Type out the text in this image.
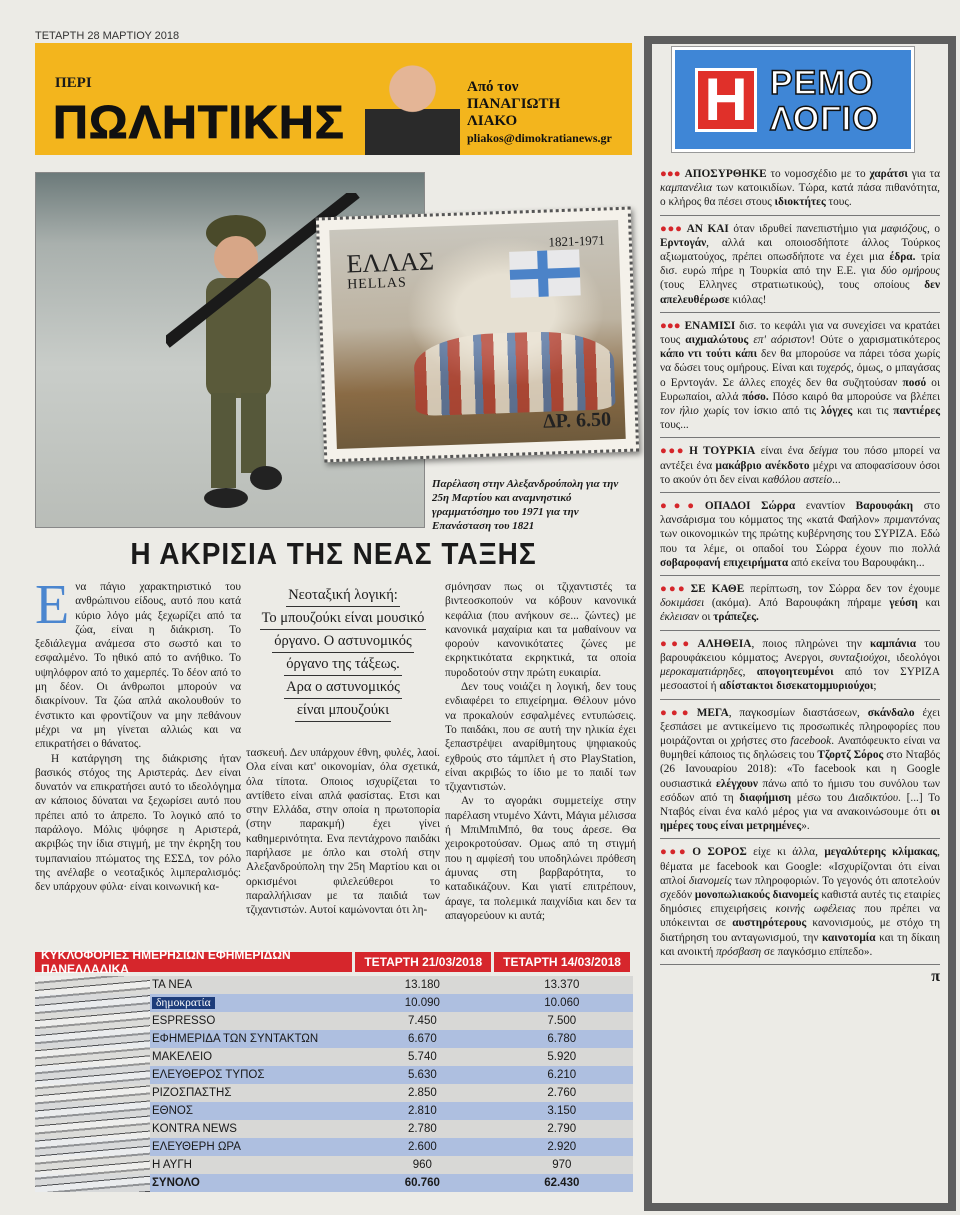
ΤΕΤΑΡΤΗ 28 ΜΑΡΤΙΟΥ 2018
ΠΕΡΙ
ΠΩΛΗΤΙΚΗΣ
Από τον
ΠΑΝΑΓΙΩΤΗ
ΛΙΑΚΟ
pliakos@dimokratianews.gr
ΕΛΛΑΣ
HELLAS
1821-1971
ΔΡ. 6.50
Παρέλαση στην Αλεξανδρούπολη για την 25η Μαρτίου και αναμνηστικό γραμματόσημο του 1971 για την Επανάσταση του 1821
Η ΑΚΡΙΣΙΑ ΤΗΣ ΝΕΑΣ ΤΑΞΗΣ

Ενα πάγιο χαρακτηριστικό του ανθρώπινου είδους, αυτό που κατά κύριο λόγο μάς ξεχωρίζει από τα ζώα, είναι η διάκριση. Το ξεδιάλεγμα ανάμεσα στο σωστό και το εσφαλμένο. Το ηθικό από το ανήθικο. Το υψηλόφρον από το χαμερπές. Το δέον από το μη δέον. Οι άνθρωποι μπορούν να διακρίνουν. Τα ζώα απλά ακολουθούν το ένστικτο και φροντίζουν να μην πεθάνουν μέχρι να μη γίνεται αλλιώς και να επικρατήσει ο θάνατος.

Η κατάργηση της διάκρισης ήταν βασικός στόχος της Αριστεράς. Δεν είναι δυνατόν να επικρατήσει αυτό το ιδεολόγημα αν κάποιος δύναται να ξεχωρίσει αυτό που πρέπει από το άπρεπο. Το λογικό από το παράλογο. Μόλις ψόφησε η Αριστερά, ακριβώς την ίδια στιγμή, με την έκρηξη του τυμπανιαίου πτώματος της ΕΣΣΔ, τον ρόλο της ανέλαβε ο νεοταξικός λιμπεραλισμός: δεν υπάρχουν φύλα· είναι κοινωνική κα-

Νεοταξική λογική:
Το μπουζούκι είναι μουσικό
όργανο. Ο αστυνομικός
όργανο της τάξεως.
Αρα ο αστυνομικός
είναι μπουζούκι

τασκευή. Δεν υπάρχουν έθνη, φυλές, λαοί. Ολα είναι κατ' οικονομίαν, όλα σχετικά, όλα τίποτα. Οποιος ισχυρίζεται το αντίθετο είναι απλά φασίστας. Ετσι και στην Ελλάδα, στην οποία η πρωτοπορία (στην παρακμή) έχει γίνει καθημερινότητα. Ενα πεντάχρονο παιδάκι παρήλασε με όπλο και στολή στην Αλεξανδρούπολη την 25η Μαρτίου και οι ορκισμένοι φιλελεύθεροι το παραλλήλισαν με τα παιδιά των τζιχαντιστών. Αυτοί καμώνονται ότι λη-

σμόνησαν πως οι τζιχαντιστές τα βιντεοσκοπούν να κόβουν κανονικά κεφάλια (που ανήκουν σε... ζώντες) με κανονικά μαχαίρια και τα μαθαίνουν να φορούν κανονικότατες ζώνες με εκρηκτικότατα εκρηκτικά, τα οποία πυροδοτούν στην πρώτη ευκαιρία.

Δεν τους νοιάζει η λογική, δεν τους ενδιαφέρει το επιχείρημα. Θέλουν μόνο να προκαλούν εσφαλμένες εντυπώσεις. Το παιδάκι, που σε αυτή την ηλικία έχει ξεπαστρέψει αναρίθμητους ψηφιακούς εχθρούς στο τάμπλετ ή στο PlayStation, είναι ακριβώς το ίδιο με το παιδί των τζιχαντιστών.

Αν το αγοράκι συμμετείχε στην παρέλαση ντυμένο Χάντι, Μάγια μέλισσα ή ΜπιΜπιΜπό, θα τους άρεσε. Θα χειροκροτούσαν. Ομως από τη στιγμή που η αμφίεσή του υποδηλώνει πρόθεση άμυνας στη βαρβαρότητα, το καταδικάζουν. Και γιατί επιτρέπουν, άραγε, τα πολεμικά παιχνίδια και δεν τα απαγορεύουν κι αυτά;

ΚΥΚΛΟΦΟΡΙΕΣ ΗΜΕΡΗΣΙΩΝ ΕΦΗΜΕΡΙΔΩΝ ΠΑΝΕΛΛΑΔΙΚΑ	ΤΕΤΑΡΤΗ 21/03/2018	ΤΕΤΑΡΤΗ 14/03/2018
ΤΑ ΝΕΑ	13.180	13.370
δημοκρατία	10.090	10.060
ESPRESSO	7.450	7.500
ΕΦΗΜΕΡΙΔΑ ΤΩΝ ΣΥΝΤΑΚΤΩΝ	6.670	6.780
ΜΑΚΕΛΕΙΟ	5.740	5.920
ΕΛΕΥΘΕΡΟΣ ΤΥΠΟΣ	5.630	6.210
ΡΙΖΟΣΠΑΣΤΗΣ	2.850	2.760
ΕΘΝΟΣ	2.810	3.150
KONTRA NEWS	2.780	2.790
ΕΛΕΥΘΕΡΗ ΩΡΑ	2.600	2.920
Η ΑΥΓΗ	960	970
ΣΥΝΟΛΟ	60.760	62.430
Η ΡΕΜΟ
ΛΟΓΙΟ
●●● ΑΠΟΣΥΡΘΗΚΕ το νομοσχέδιο με το χαράτσι για τα καμπανέλια των κατοικιδίων. Τώρα, κατά πάσα πιθανότητα, ο κλήρος θα πέσει στους ιδιοκτήτες τους.
●●● ΑΝ ΚΑΙ όταν ιδρυθεί πανεπιστήμιο για μαφιόζους, ο Ερντογάν, αλλά και οποιοσδήποτε άλλος Τούρκος αξιωματούχος, πρέπει οπωσδήποτε να έχει μια έδρα. τρία δισ. ευρώ πήρε η Τουρκία από την Ε.Ε. για δύο ομήρους (τους Ελληνες στρατιωτικούς), τους οποίους δεν απελευθέρωσε κιόλας!
●●● ΕΝΑΜΙΣΙ δισ. το κεφάλι για να συνεχίσει να κρατάει τους αιχμαλώτους επ' αόριστον! Ούτε ο χαρισματικότερος κάπο ντι τούτι κάπι δεν θα μπορούσε να πάρει τόσα χωρίς να δώσει τους ομήρους. Είναι και τυχερός, όμως, ο μπαγάσας ο Ερντογάν. Σε άλλες εποχές δεν θα συζητούσαν ποσό οι Ευρωπαίοι, αλλά πόσο. Πόσο καιρό θα μπορούσε να βλέπει τον ήλιο χωρίς τον ίσκιο από τις λόγχες και τις παντιέρες τους...
●●● Η ΤΟΥΡΚΙΑ είναι ένα δείγμα του πόσο μπορεί να αντέξει ένα μακάβριο ανέκδοτο μέχρι να αποφασίσουν όσοι το ακούν ότι δεν είναι καθόλου αστείο...
●●● ΟΠΑΔΟΙ Σώρρα εναντίον Βαρουφάκη στο λανσάρισμα του κόμματος της «κατά Φαήλον» πριμαντόνας των οικονομικών της πρώτης κυβέρνησης του ΣΥΡΙΖΑ. Εδώ που τα λέμε, οι οπαδοί του Σώρρα έχουν πιο πολλά σοβαροφανή επιχειρήματα από εκείνα του Βαρουφάκη...
●●● ΣΕ ΚΑΘΕ περίπτωση, τον Σώρρα δεν τον έχουμε δοκιμάσει (ακόμα). Από Βαρουφάκη πήραμε γεύση και έκλεισαν οι τράπεζες.
●●● ΑΛΗΘΕΙΑ, ποιος πληρώνει την καμπάνια του βαρουφάκειου κόμματος; Ανεργοι, συνταξιούχοι, ιδεολόγοι μεροκαματιάρηδες, απογοητευμένοι από τον ΣΥΡΙΖΑ μεσοαστοί ή αδίστακτοι δισεκατομμυριούχοι;
●●● ΜΕΓΑ, παγκοσμίων διαστάσεων, σκάνδαλο έχει ξεσπάσει με αντικείμενο τις προσωπικές πληροφορίες που μοιράζονται οι χρήστες στο facebook. Αναπόφευκτο είναι να θυμηθεί κάποιος τις δηλώσεις του Τζορτζ Σόρος στο Νταβός (26 Ιανουαρίου 2018): «Το facebook και η Google ουσιαστικά ελέγχουν πάνω από το ήμισυ του συνόλου των εσόδων από τη διαφήμιση μέσω του Διαδικτύου. [...] Το Νταβός είναι ένα καλό μέρος για να ανακοινώσουμε ότι οι ημέρες τους είναι μετρημένες».
●●● Ο ΣΟΡΟΣ είχε κι άλλα, μεγαλύτερης κλίμακας, θέματα με facebook και Google: «Ισχυρίζονται ότι είναι απλοί διανομείς των πληροφοριών. Το γεγονός ότι αποτελούν σχεδόν μονοπωλιακούς διανομείς καθιστά αυτές τις εταιρίες δημόσιες επιχειρήσεις κοινής ωφέλειας που πρέπει να υπόκεινται σε αυστηρότερους κανονισμούς, με στόχο τη διατήρηση του ανταγωνισμού, την καινοτομία και τη δίκαιη και ανοικτή πρόσβαση σε παγκόσμιο επίπεδο».
π
